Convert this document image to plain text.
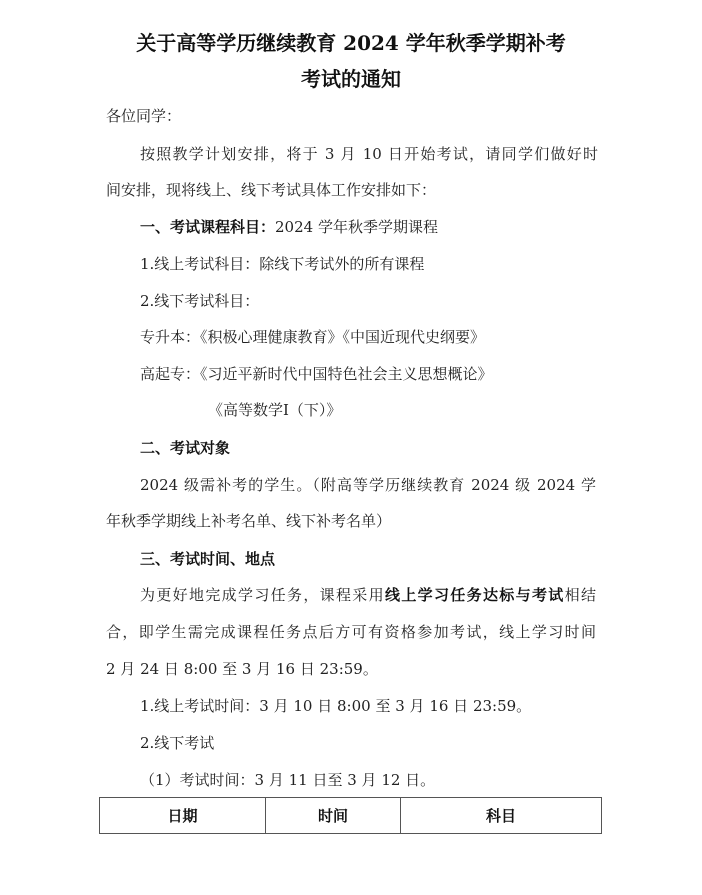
关于高等学历继续教育 2024 学年秋季学期补考
考试的通知
各位同学：
按照教学计划安排，将于 3 月 10 日开始考试，请同学们做好时
间安排，现将线上、线下考试具体工作安排如下：
一、考试课程科目：2024 学年秋季学期课程
1.线上考试科目：除线下考试外的所有课程
2.线下考试科目：
专升本：《积极心理健康教育》《中国近现代史纲要》
高起专：《习近平新时代中国特色社会主义思想概论》
《高等数学Ⅰ（下）》
二、考试对象
2024 级需补考的学生。（附高等学历继续教育 2024 级 2024 学
年秋季学期线上补考名单、线下补考名单）
三、考试时间、地点
为更好地完成学习任务，课程采用线上学习任务达标与考试相结
合，即学生需完成课程任务点后方可有资格参加考试，线上学习时间
2 月 24 日 8:00 至 3 月 16 日 23:59。
1.线上考试时间：3 月 10 日 8:00 至 3 月 16 日 23:59。
2.线下考试
（1）考试时间：3 月 11 日至 3 月 12 日。
日期	时间	科目
